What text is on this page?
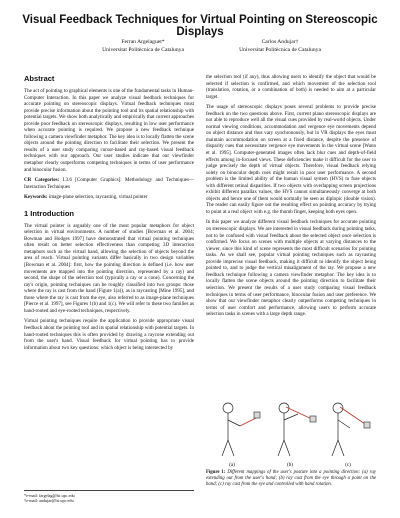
Visual Feedback Techniques for Virtual Pointing on Stereoscopic Displays
Ferran Argelaguet*
Universitat Politècnica de Catalunya
Carlos Andujar†
Universitat Politècnica de Catalunya
Abstract

The act of pointing to graphical elements is one of the fundamental tasks in Human-Computer Interaction. In this paper we analyze visual feedback techniques for accurate pointing on stereoscopic displays. Virtual feedback techniques must provide precise information about the pointing tool and its spatial relationship with potential targets. We show both analytically and empirically that current approaches provide poor feedback on stereoscopic displays, resulting in low user performance when accurate pointing is required. We propose a new feedback technique following a camera viewfinder metaphor. The key idea is to locally flatten the scene objects around the pointing direction to facilitate their selection. We present the results of a user study comparing cursor-based and ray-based visual feedback techniques with our approach. Our user studies indicate that our viewfinder metaphor clearly outperforms competing techniques in terms of user performance and binocular fusion.

CR Categories: I.3.6 [Computer Graphics]: Methodology and Techniques—Interaction Techniques

Keywords: image-plane selection, raycasting, virtual pointer

1 Introduction

The virtual pointer is arguably one of the most popular metaphors for object selection in virtual environments. A number of studies [Bowman et al. 2004; Bowman and Hodges 1997] have demonstrated that virtual pointing techniques often result on better selection effectiveness than competing 3D interaction metaphors such as the virtual hand, allowing the selection of objects beyond the area of reach. Virtual pointing variants differ basically in two design variables [Bowman et al. 2004]: first, how the pointing direction is defined (i.e. how user movements are mapped into the pointing direction, represented by a ray) and second, the shape of the selection tool (typically a ray or a cone). Concerning the ray's origin, pointing techniques can be roughly classified into two groups: those where the ray is cast from the hand (Figure 1(a)), as in raycasting [Mine 1995], and those where the ray is cast from the eye, also referred to as image-plane techniques [Pierce et al. 1997], see Figures 1(b) and 1(c). We will refer to these two families as hand-rooted and eye-rooted techniques, respectively.

Virtual pointing techniques require the application to provide appropriate visual feedback about the pointing tool and its spatial relationship with potential targets. In hand-rooted techniques this is often provided by drawing a raycone extending out from the user's hand. Visual feedback for virtual pointing has to provide information about two key questions: which object is being intersected by

*e-mail: fargelag@lsi.upc.edu
†e-mail: andujar@lsi.upc.edu

the selection tool (if any), thus allowing users to identify the object that would be selected if selection is confirmed, and which movement of the selection tool (translation, rotation, or a combination of both) is needed to aim at a particular target.

The usage of stereoscopic displays poses several problems to provide precise feedback on the two questions above. First, current plano stereoscopic displays are not able to reproduce well all the visual cues provided by real-world objects. Under normal viewing conditions, accommodation and vergence eye movements depend on object distance and thus vary synchronously, but in VR displays the eyes must maintain accommodation on screen at a fixed distance, despite the presence of disparity cues that necessitate vergence eye movements in the virtual scene [Wann et al. 1995]. Computer-generated images often lack blur cues and depth-of-field effects among in-focused views. These deficiencies make it difficult for the user to judge precisely the depth of virtual objects. Therefore, visual feedback relying solely on binocular depth cues might result in poor user performance. A second problem is the limited ability of the human visual system (HVS) to fuse objects with different retinal disparities. If two objects with overlapping screen projections exhibit different parallax values, the HVS cannot simultaneously converge at both objects and hence one of them would normally be seen as diplopic (double vision). The reader can easily figure out the resulting effect on pointing accuracy by trying to point at a real object with e.g. the thumb finger, keeping both eyes open.

In this paper we analyze different visual feedback techniques for accurate pointing on stereoscopic displays. We are interested in visual feedback during pointing tasks, not to be confused with visual feedback about the selected object once selection is confirmed. We focus on scenes with multiple objects at varying distances to the viewer, since this kind of scene represents the most difficult scenarios for pointing tasks. As we shall see, popular virtual pointing techniques such as raycasting provide imprecise visual feedback, making it difficult to identify the object being pointed to, and to judge the vertical misalignment of the ray. We propose a new feedback technique following a camera viewfinder metaphor. The key idea is to locally flatten the scene objects around the pointing direction to facilitate their selection. We present the results of a user study comparing visual feedback techniques in terms of user performance, binocular fusion and user preference. We show that our viewfinder metaphor clearly outperforms competing techniques in terms of user comfort and performance, allowing users to perform accurate selection tasks in scenes with a large depth range.

(a)	(b)	(c)
Figure 1: Different mappings of the user's posture into a pointing direction: (a) ray extending out from the user's hand; (b) ray cast from the eye through a point on the hand; (c) ray cast from the eye and controlled with hand rotation.
